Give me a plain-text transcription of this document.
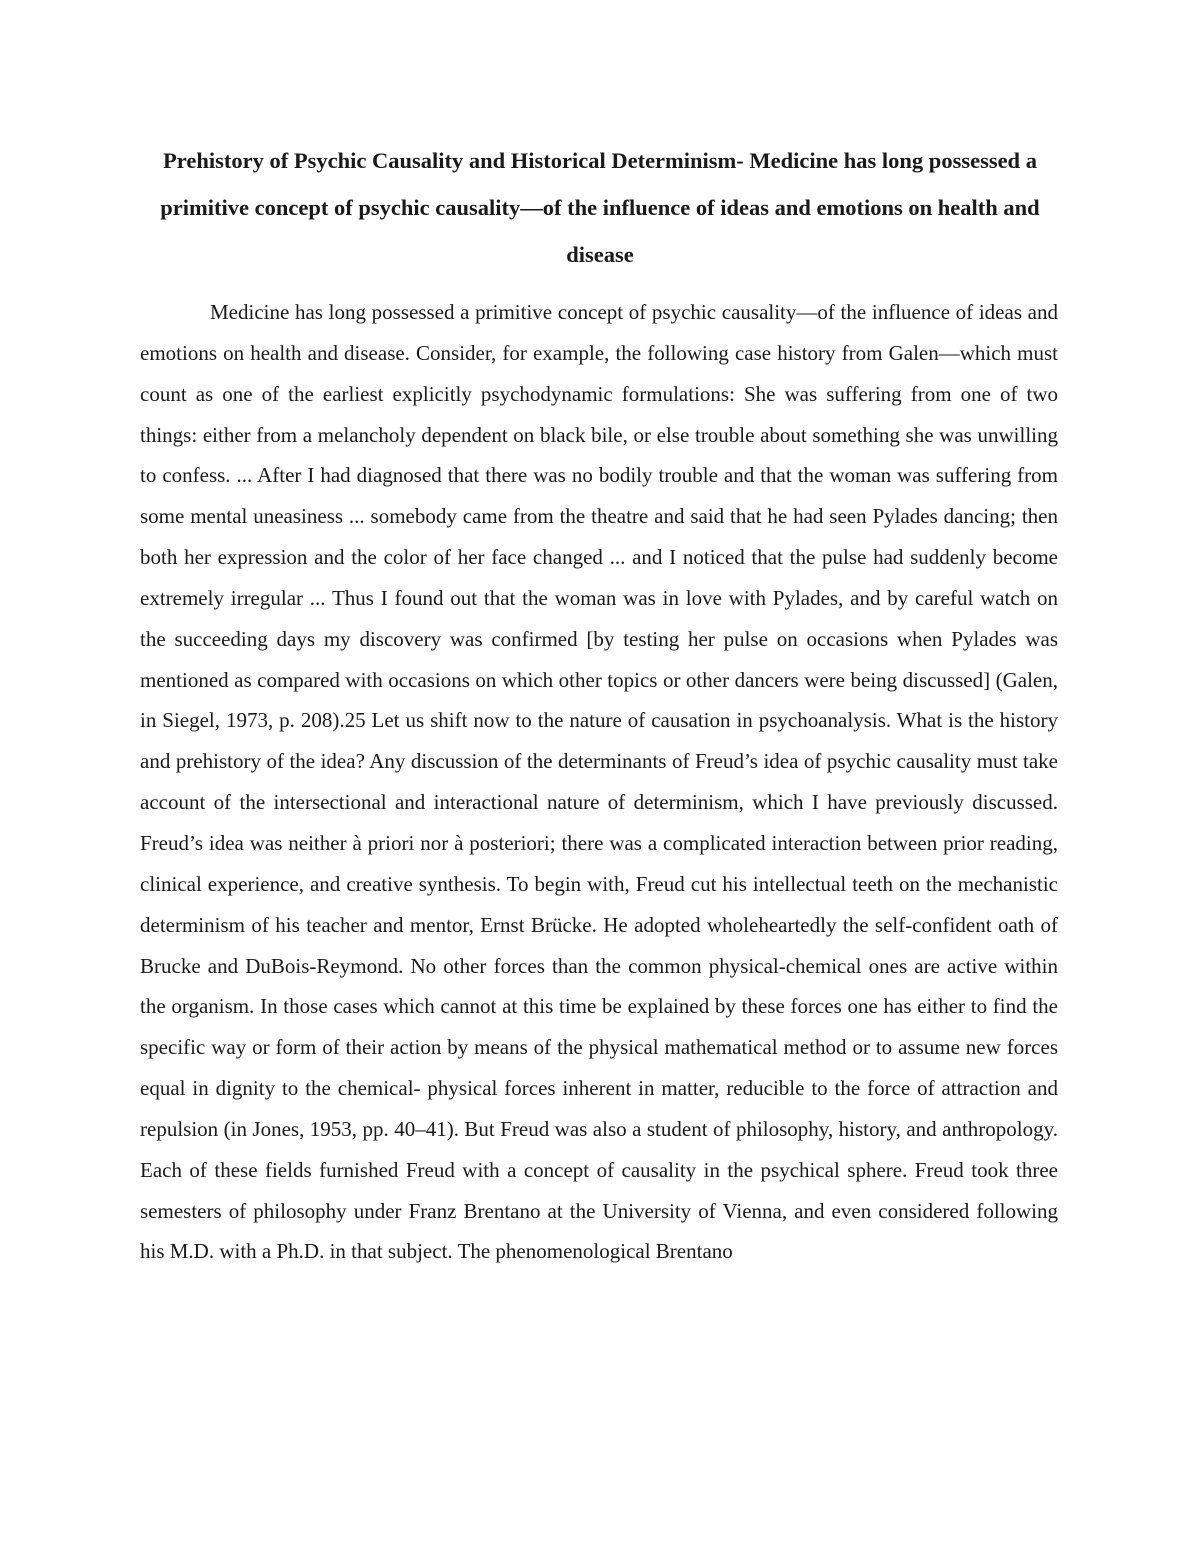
Prehistory of Psychic Causality and Historical Determinism- Medicine has long possessed a primitive concept of psychic causality—of the influence of ideas and emotions on health and disease

Medicine has long possessed a primitive concept of psychic causality—of the influence of ideas and emotions on health and disease. Consider, for example, the following case history from Galen—which must count as one of the earliest explicitly psychodynamic formulations: She was suffering from one of two things: either from a melancholy dependent on black bile, or else trouble about something she was unwilling to confess. ... After I had diagnosed that there was no bodily trouble and that the woman was suffering from some mental uneasiness ... somebody came from the theatre and said that he had seen Pylades dancing; then both her expression and the color of her face changed ... and I noticed that the pulse had suddenly become extremely irregular ... Thus I found out that the woman was in love with Pylades, and by careful watch on the succeeding days my discovery was confirmed [by testing her pulse on occasions when Pylades was mentioned as compared with occasions on which other topics or other dancers were being discussed] (Galen, in Siegel, 1973, p. 208).25 Let us shift now to the nature of causation in psychoanalysis. What is the history and prehistory of the idea? Any discussion of the determinants of Freud’s idea of psychic causality must take account of the intersectional and interactional nature of determinism, which I have previously discussed. Freud’s idea was neither à priori nor à posteriori; there was a complicated interaction between prior reading, clinical experience, and creative synthesis. To begin with, Freud cut his intellectual teeth on the mechanistic determinism of his teacher and mentor, Ernst Brücke. He adopted wholeheartedly the self-confident oath of Brucke and DuBois-Reymond. No other forces than the common physical-chemical ones are active within the organism. In those cases which cannot at this time be explained by these forces one has either to find the specific way or form of their action by means of the physical mathematical method or to assume new forces equal in dignity to the chemical- physical forces inherent in matter, reducible to the force of attraction and repulsion (in Jones, 1953, pp. 40–41). But Freud was also a student of philosophy, history, and anthropology. Each of these fields furnished Freud with a concept of causality in the psychical sphere. Freud took three semesters of philosophy under Franz Brentano at the University of Vienna, and even considered following his M.D. with a Ph.D. in that subject. The phenomenological Brentano
